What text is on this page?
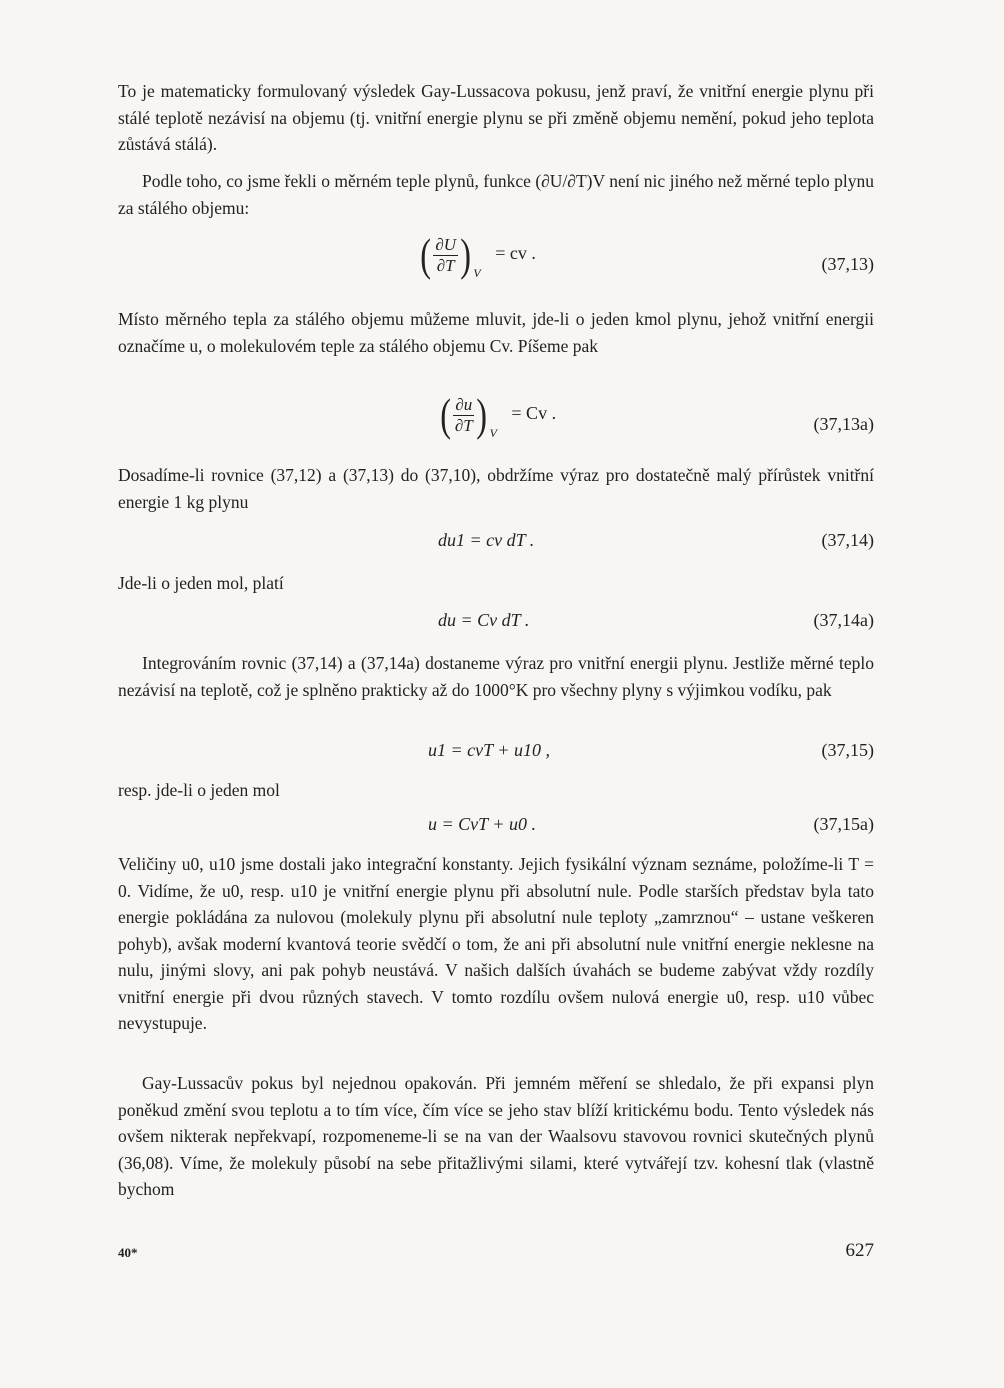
To je matematicky formulovaný výsledek Gay-Lussacova pokusu, jenž praví, že vnitřní energie plynu při stálé teplotě nezávisí na objemu (tj. vnitřní energie plynu se při změně objemu nemění, pokud jeho teplota zůstává stálá).

Podle toho, co jsme řekli o měrném teple plynů, funkce (∂U/∂T)V není nic jiného než měrné teplo plynu za stálého objemu:

( $\frac{\partial U}{\partial T}$ ) $_V$ = cv .
(37,13)

Místo měrného tepla za stálého objemu můžeme mluvit, jde-li o jeden kmol plynu, jehož vnitřní energii označíme u, o molekulovém teple za stálého objemu Cv. Píšeme pak

( $\frac{\partial u}{\partial T}$ ) $_V$ = Cv .
(37,13a)

Dosadíme-li rovnice (37,12) a (37,13) do (37,10), obdržíme výraz pro dostatečně malý přírůstek vnitřní energie 1 kg plynu

du1 = cv dT .	(37,14)

Jde-li o jeden mol, platí

du = Cv dT .	(37,14a)

Integrováním rovnic (37,14) a (37,14a) dostaneme výraz pro vnitřní energii plynu. Jestliže měrné teplo nezávisí na teplotě, což je splněno prakticky až do 1000°K pro všechny plyny s výjimkou vodíku, pak

u1 = cvT + u10 ,	(37,15)

resp. jde-li o jeden mol

u = CvT + u0 .	(37,15a)

Veličiny u0, u10 jsme dostali jako integrační konstanty. Jejich fysikální význam seznáme, položíme-li T = 0. Vidíme, že u0, resp. u10 je vnitřní energie plynu při absolutní nule. Podle starších představ byla tato energie pokládána za nulovou (molekuly plynu při absolutní nule teploty „zamrznou“ – ustane veškeren pohyb), avšak moderní kvantová teorie svědčí o tom, že ani při absolutní nule vnitřní energie neklesne na nulu, jinými slovy, ani pak pohyb neustává. V našich dalších úvahách se budeme zabývat vždy rozdíly vnitřní energie při dvou různých stavech. V tomto rozdílu ovšem nulová energie u0, resp. u10 vůbec nevystupuje.

Gay-Lussacův pokus byl nejednou opakován. Při jemném měření se shledalo, že při expansi plyn poněkud změní svou teplotu a to tím více, čím více se jeho stav blíží kritickému bodu. Tento výsledek nás ovšem nikterak nepřekvapí, rozpomeneme-li se na van der Waalsovu stavovou rovnici skutečných plynů (36,08). Víme, že molekuly působí na sebe přitažlivými silami, které vytvářejí tzv. kohesní tlak (vlastně bychom

40*	627
